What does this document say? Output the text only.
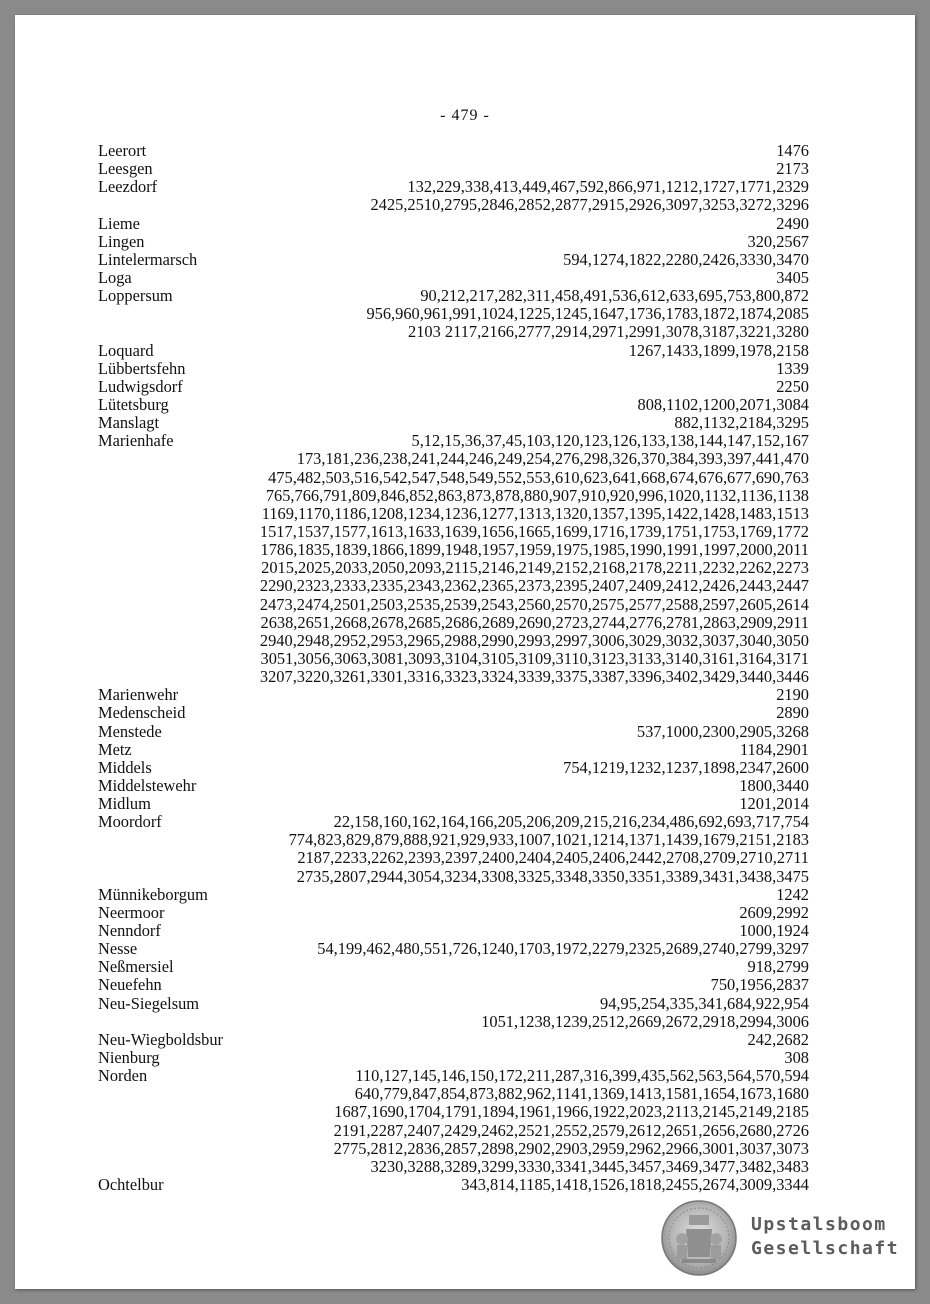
- 479 -
Leerort	1476
Leesgen	2173
Leezdorf	132,229,338,413,449,467,592,866,971,1212,1727,1771,2329
2425,2510,2795,2846,2852,2877,2915,2926,3097,3253,3272,3296
Lieme	2490
Lingen	320,2567
Lintelermarsch	594,1274,1822,2280,2426,3330,3470
Loga	3405
Loppersum	90,212,217,282,311,458,491,536,612,633,695,753,800,872
956,960,961,991,1024,1225,1245,1647,1736,1783,1872,1874,2085
2103 2117,2166,2777,2914,2971,2991,3078,3187,3221,3280
Loquard	1267,1433,1899,1978,2158
Lübbertsfehn	1339
Ludwigsdorf	2250
Lütetsburg	808,1102,1200,2071,3084
Manslagt	882,1132,2184,3295
Marienhafe	5,12,15,36,37,45,103,120,123,126,133,138,144,147,152,167
173,181,236,238,241,244,246,249,254,276,298,326,370,384,393,397,441,470
475,482,503,516,542,547,548,549,552,553,610,623,641,668,674,676,677,690,763
765,766,791,809,846,852,863,873,878,880,907,910,920,996,1020,1132,1136,1138
1169,1170,1186,1208,1234,1236,1277,1313,1320,1357,1395,1422,1428,1483,1513
1517,1537,1577,1613,1633,1639,1656,1665,1699,1716,1739,1751,1753,1769,1772
1786,1835,1839,1866,1899,1948,1957,1959,1975,1985,1990,1991,1997,2000,2011
2015,2025,2033,2050,2093,2115,2146,2149,2152,2168,2178,2211,2232,2262,2273
2290,2323,2333,2335,2343,2362,2365,2373,2395,2407,2409,2412,2426,2443,2447
2473,2474,2501,2503,2535,2539,2543,2560,2570,2575,2577,2588,2597,2605,2614
2638,2651,2668,2678,2685,2686,2689,2690,2723,2744,2776,2781,2863,2909,2911
2940,2948,2952,2953,2965,2988,2990,2993,2997,3006,3029,3032,3037,3040,3050
3051,3056,3063,3081,3093,3104,3105,3109,3110,3123,3133,3140,3161,3164,3171
3207,3220,3261,3301,3316,3323,3324,3339,3375,3387,3396,3402,3429,3440,3446
Marienwehr	2190
Medenscheid	2890
Menstede	537,1000,2300,2905,3268
Metz	1184,2901
Middels	754,1219,1232,1237,1898,2347,2600
Middelstewehr	1800,3440
Midlum	1201,2014
Moordorf	22,158,160,162,164,166,205,206,209,215,216,234,486,692,693,717,754
774,823,829,879,888,921,929,933,1007,1021,1214,1371,1439,1679,2151,2183
2187,2233,2262,2393,2397,2400,2404,2405,2406,2442,2708,2709,2710,2711
2735,2807,2944,3054,3234,3308,3325,3348,3350,3351,3389,3431,3438,3475
Münnikeborgum	1242
Neermoor	2609,2992
Nenndorf	1000,1924
Nesse	54,199,462,480,551,726,1240,1703,1972,2279,2325,2689,2740,2799,3297
Neßmersiel	918,2799
Neuefehn	750,1956,2837
Neu-Siegelsum	94,95,254,335,341,684,922,954
1051,1238,1239,2512,2669,2672,2918,2994,3006
Neu-Wiegboldsbur	242,2682
Nienburg	308
Norden	110,127,145,146,150,172,211,287,316,399,435,562,563,564,570,594
640,779,847,854,873,882,962,1141,1369,1413,1581,1654,1673,1680
1687,1690,1704,1791,1894,1961,1966,1922,2023,2113,2145,2149,2185
2191,2287,2407,2429,2462,2521,2552,2579,2612,2651,2656,2680,2726
2775,2812,2836,2857,2898,2902,2903,2959,2962,2966,3001,3037,3073
3230,3288,3289,3299,3330,3341,3445,3457,3469,3477,3482,3483
Ochtelbur	343,814,1185,1418,1526,1818,2455,2674,3009,3344
Upstalsboom
Gesellschaft
